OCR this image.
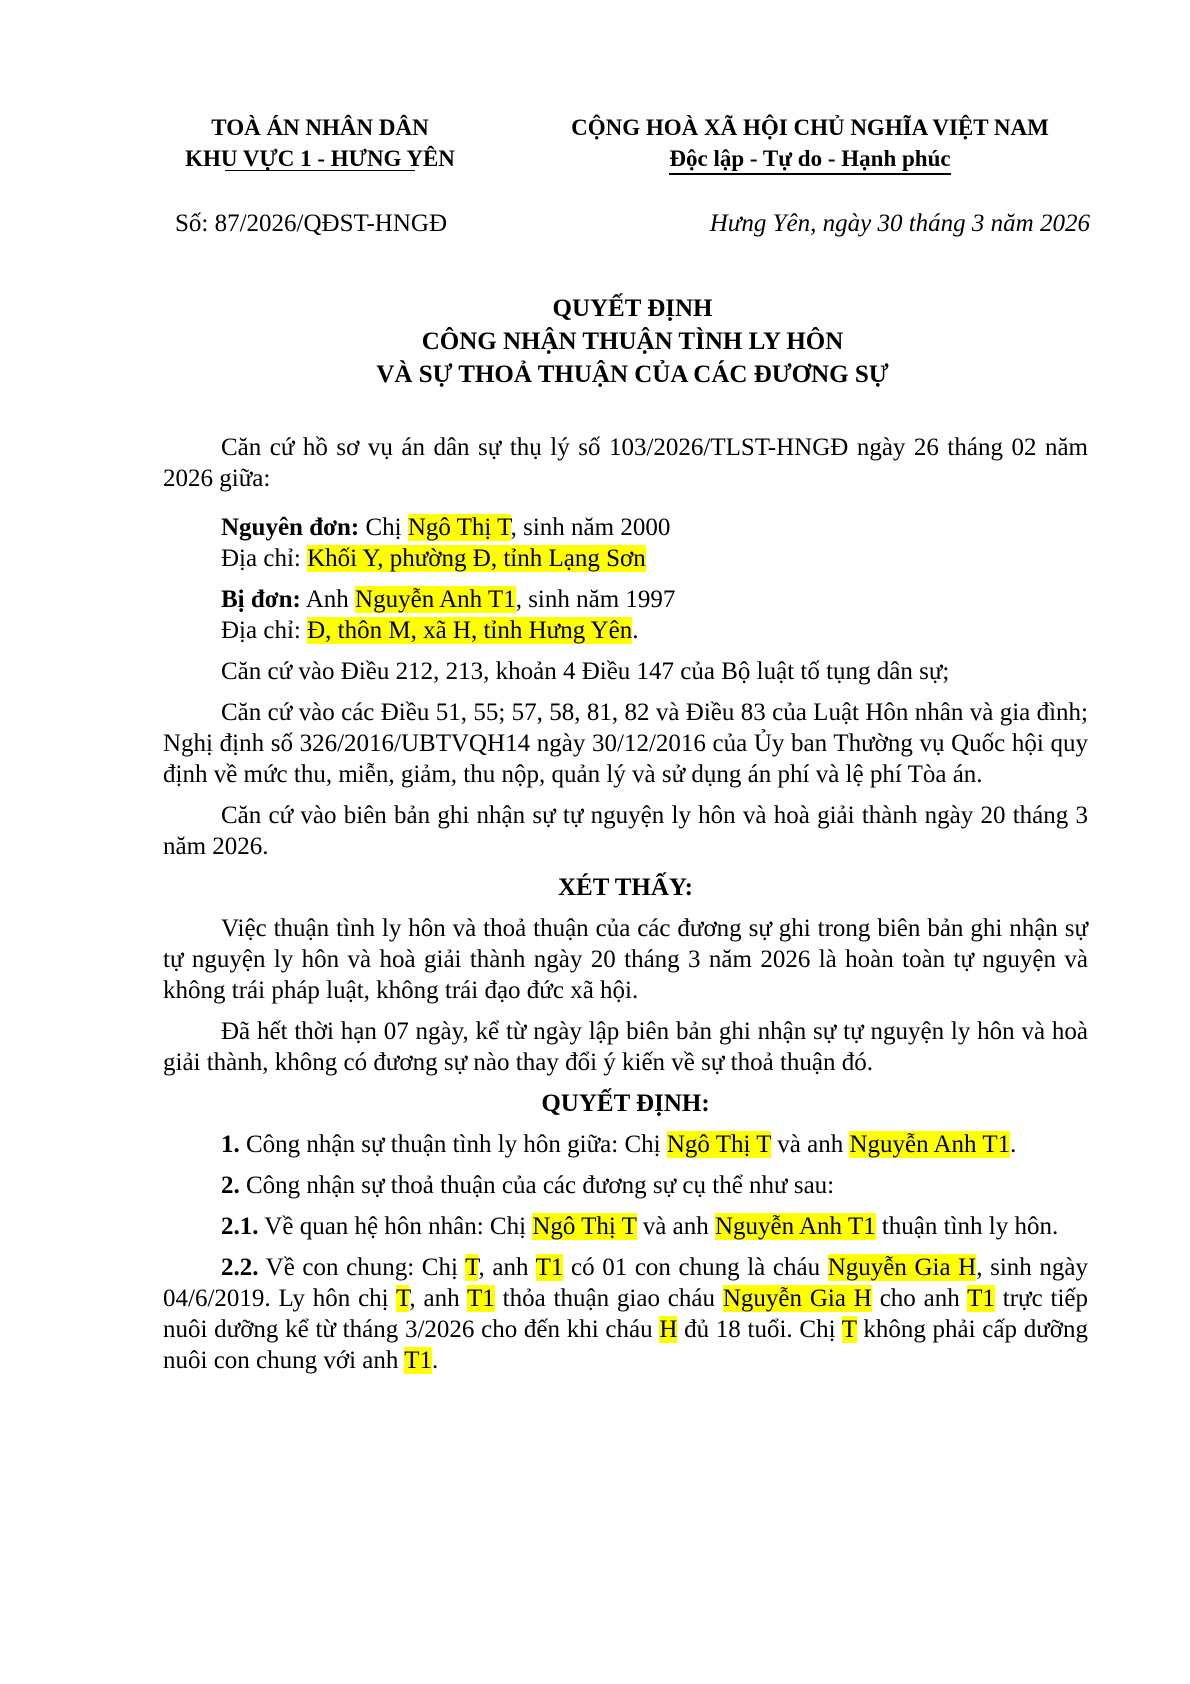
TOÀ ÁN NHÂN DÂN
KHU VỰC 1 - HƯNG YÊN
CỘNG HOÀ XÃ HỘI CHỦ NGHĨA VIỆT NAM
Độc lập - Tự do - Hạnh phúc
Số: 87/2026/QĐST-HNGĐ	Hưng Yên, ngày 30 tháng 3 năm 2026
QUYẾT ĐỊNH
CÔNG NHẬN THUẬN TÌNH LY HÔN
VÀ SỰ THOẢ THUẬN CỦA CÁC ĐƯƠNG SỰ

Căn cứ hồ sơ vụ án dân sự thụ lý số 103/2026/TLST-HNGĐ ngày 26 tháng 02 năm 2026 giữa:

Nguyên đơn: Chị Ngô Thị T, sinh năm 2000

Địa chỉ: Khối Y, phường Đ, tỉnh Lạng Sơn

Bị đơn: Anh Nguyễn Anh T1, sinh năm 1997

Địa chỉ: Đ, thôn M, xã H, tỉnh Hưng Yên.

Căn cứ vào Điều 212, 213, khoản 4 Điều 147 của Bộ luật tố tụng dân sự;

Căn cứ vào các Điều 51, 55; 57, 58, 81, 82 và Điều 83 của Luật Hôn nhân và gia đình; Nghị định số 326/2016/UBTVQH14 ngày 30/12/2016 của Ủy ban Thường vụ Quốc hội quy định về mức thu, miễn, giảm, thu nộp, quản lý và sử dụng án phí và lệ phí Tòa án.

Căn cứ vào biên bản ghi nhận sự tự nguyện ly hôn và hoà giải thành ngày 20 tháng 3 năm 2026.

XÉT THẤY:

Việc thuận tình ly hôn và thoả thuận của các đương sự ghi trong biên bản ghi nhận sự tự nguyện ly hôn và hoà giải thành ngày 20 tháng 3 năm 2026 là hoàn toàn tự nguyện và không trái pháp luật, không trái đạo đức xã hội.

Đã hết thời hạn 07 ngày, kể từ ngày lập biên bản ghi nhận sự tự nguyện ly hôn và hoà giải thành, không có đương sự nào thay đổi ý kiến về sự thoả thuận đó.

QUYẾT ĐỊNH:

1. Công nhận sự thuận tình ly hôn giữa: Chị Ngô Thị T và anh Nguyễn Anh T1.

2. Công nhận sự thoả thuận của các đương sự cụ thể như sau:

2.1. Về quan hệ hôn nhân: Chị Ngô Thị T và anh Nguyễn Anh T1 thuận tình ly hôn.

2.2. Về con chung: Chị T, anh T1 có 01 con chung là cháu Nguyễn Gia H, sinh ngày 04/6/2019. Ly hôn chị T, anh T1 thỏa thuận giao cháu Nguyễn Gia H cho anh T1 trực tiếp nuôi dưỡng kể từ tháng 3/2026 cho đến khi cháu H đủ 18 tuổi. Chị T không phải cấp dưỡng nuôi con chung với anh T1.
